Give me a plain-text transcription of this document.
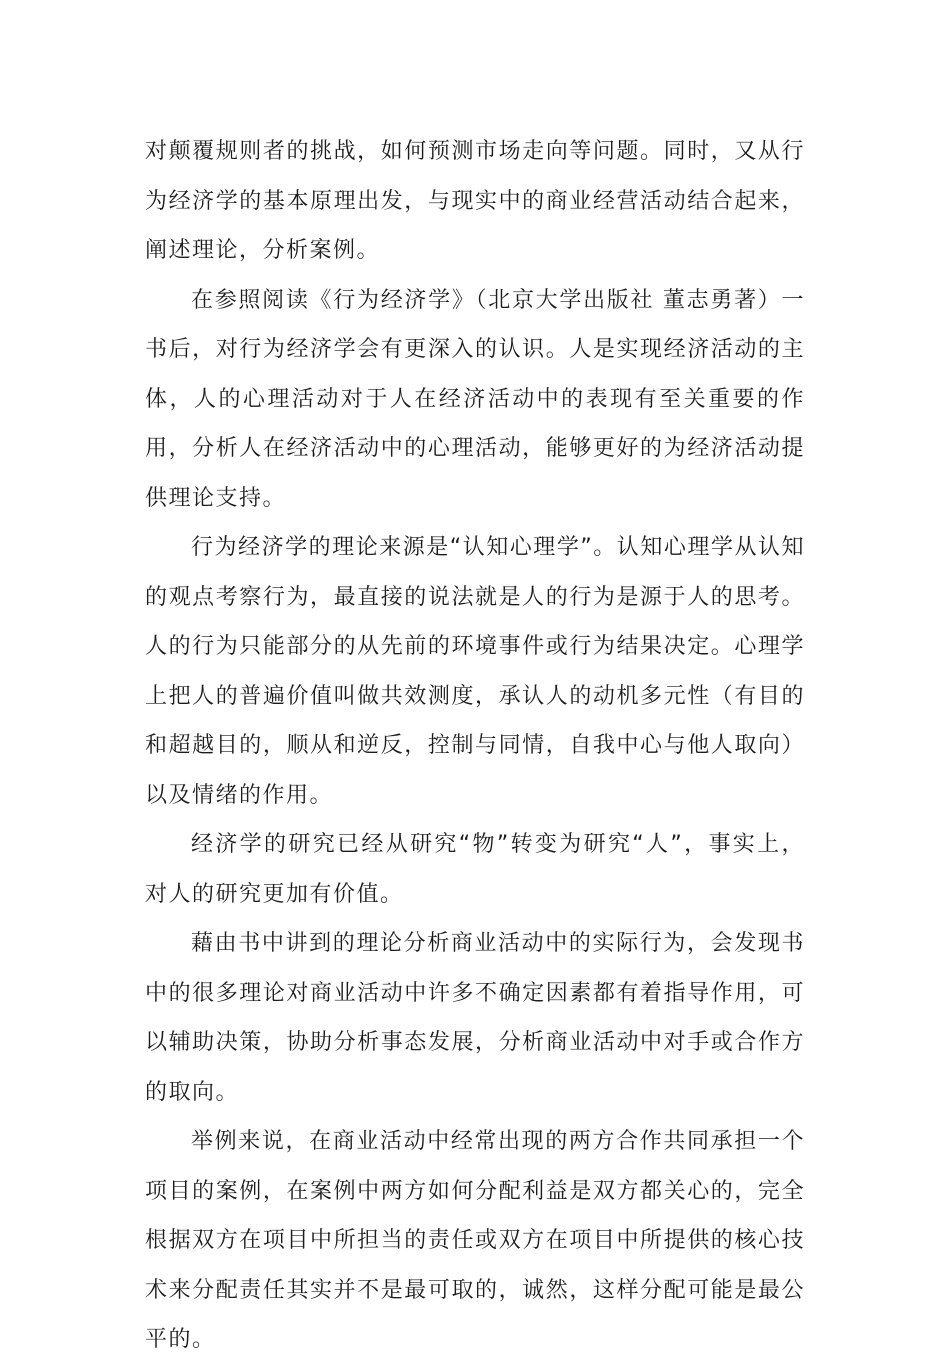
对颠覆规则者的挑战，如何预测市场走向等问题。同时，又从行为经济学的基本原理出发，与现实中的商业经营活动结合起来，阐述理论，分析案例。

在参照阅读《行为经济学》（北京大学出版社 董志勇著）一书后，对行为经济学会有更深入的认识。人是实现经济活动的主体，人的心理活动对于人在经济活动中的表现有至关重要的作用，分析人在经济活动中的心理活动，能够更好的为经济活动提供理论支持。

行为经济学的理论来源是“认知心理学”。认知心理学从认知的观点考察行为，最直接的说法就是人的行为是源于人的思考。人的行为只能部分的从先前的环境事件或行为结果决定。心理学上把人的普遍价值叫做共效测度，承认人的动机多元性（有目的和超越目的，顺从和逆反，控制与同情，自我中心与他人取向）以及情绪的作用。

经济学的研究已经从研究“物”转变为研究“人”，事实上，对人的研究更加有价值。

藉由书中讲到的理论分析商业活动中的实际行为，会发现书中的很多理论对商业活动中许多不确定因素都有着指导作用，可以辅助决策，协助分析事态发展，分析商业活动中对手或合作方的取向。

举例来说，在商业活动中经常出现的两方合作共同承担一个项目的案例，在案例中两方如何分配利益是双方都关心的，完全根据双方在项目中所担当的责任或双方在项目中所提供的核心技术来分配责任其实并不是最可取的，诚然，这样分配可能是最公平的。
